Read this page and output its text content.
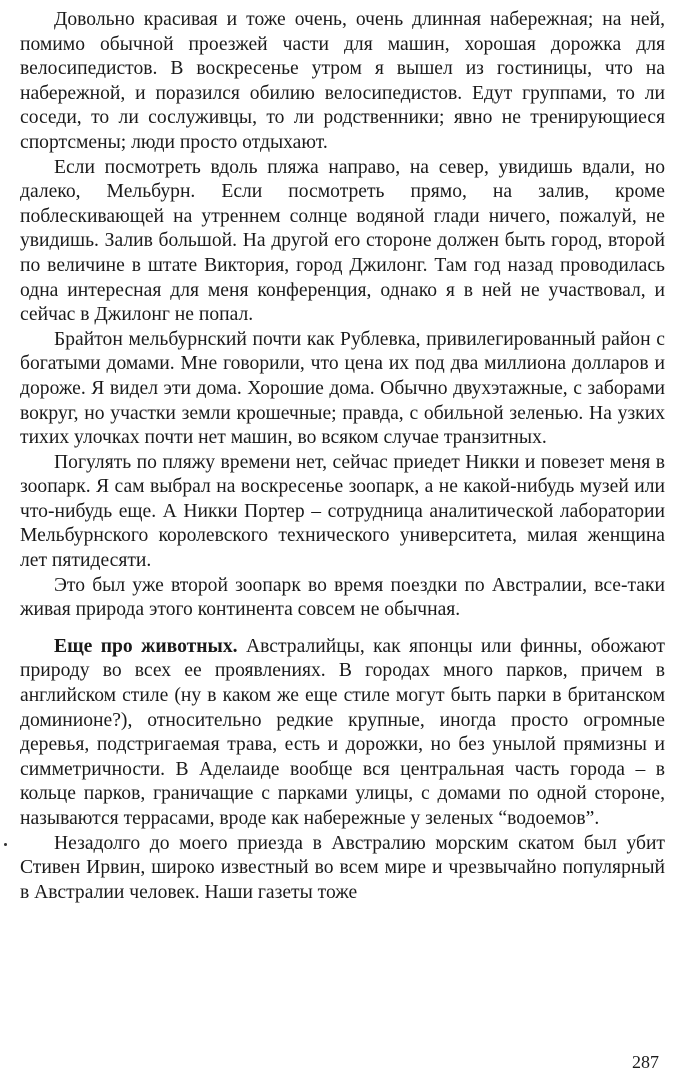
Довольно красивая и тоже очень, очень длинная набережная; на ней, помимо обычной проезжей части для машин, хорошая дорожка для велосипедистов. В воскресенье утром я вышел из гостиницы, что на набережной, и поразился обилию велосипедистов. Едут группами, то ли соседи, то ли сослуживцы, то ли родственники; явно не тренирующиеся спортсмены; люди просто отдыхают.

Если посмотреть вдоль пляжа направо, на север, увидишь вдали, но далеко, Мельбурн. Если посмотреть прямо, на залив, кроме поблескивающей на утреннем солнце водяной глади ничего, пожалуй, не увидишь. Залив большой. На другой его стороне должен быть город, второй по величине в штате Виктория, город Джилонг. Там год назад проводилась одна интересная для меня конференция, однако я в ней не участвовал, и сейчас в Джилонг не попал.

Брайтон мельбурнский почти как Рублевка, привилегированный район с богатыми домами. Мне говорили, что цена их под два миллиона долларов и дороже. Я видел эти дома. Хорошие дома. Обычно двухэтажные, с заборами вокруг, но участки земли крошечные; правда, с обильной зеленью. На узких тихих улочках почти нет машин, во всяком случае транзитных.

Погулять по пляжу времени нет, сейчас приедет Никки и повезет меня в зоопарк. Я сам выбрал на воскресенье зоопарк, а не какой-нибудь музей или что-нибудь еще. А Никки Портер – сотрудница аналитической лаборатории Мельбурнского королевского технического университета, милая женщина лет пятидесяти.

Это был уже второй зоопарк во время поездки по Австралии, все-таки живая природа этого континента совсем не обычная.

Еще про животных. Австралийцы, как японцы или финны, обожают природу во всех ее проявлениях. В городах много парков, причем в английском стиле (ну в каком же еще стиле могут быть парки в британском доминионе?), относительно редкие крупные, иногда просто огромные деревья, подстригаемая трава, есть и дорожки, но без унылой прямизны и симметричности. В Аделаиде вообще вся центральная часть города – в кольце парков, граничащие с парками улицы, с домами по одной стороне, называются террасами, вроде как набережные у зеленых “водоемов”.

Незадолго до моего приезда в Австралию морским скатом был убит Стивен Ирвин, широко известный во всем мире и чрезвычайно популярный в Австралии человек. Наши газеты тоже

287
